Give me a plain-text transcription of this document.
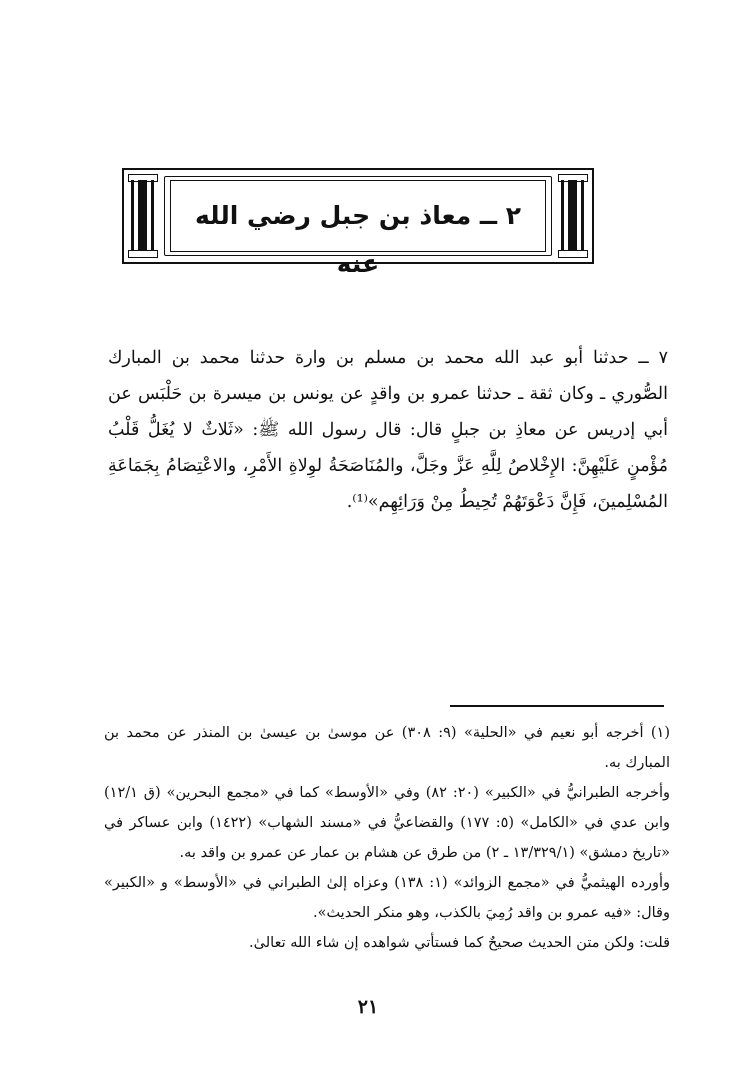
٢ ــ معاذ بن جبل رضي الله عنه
٧ ــ حدثنا أبو عبد الله محمد بن مسلم بن وارة حدثنا محمد بن المبارك الصُّوري ـ وكان ثقة ـ حدثنا عمرو بن واقدٍ عن يونس بن ميسرة بن حَلْبَس عن أبي إدريس عن معاذِ بن جبلٍ قال: قال رسول الله ﷺ: «ثَلاثٌ لا يُغَلُّ قَلْبُ مُؤْمنٍ عَلَيْهِنَّ: الإِخْلاصُ لِلَّهِ عَزَّ وجَلَّ، والمُنَاصَحَةُ لوِلاةِ الأَمْرِ، والاعْتِصَامُ بِجَمَاعَةِ المُسْلِمينَ، فَإِنَّ دَعْوَتَهُمْ تُحِيطُ مِنْ وَرَائِهِم»⁽¹⁾.

(١) أخرجه أبو نعيم في «الحلية» (٩: ٣٠٨) عن موسىٰ بن عيسىٰ بن المنذر عن محمد بن المبارك به.

وأخرجه الطبرانيُّ في «الكبير» (٢٠: ٨٢) وفي «الأوسط» كما في «مجمع البحرين» (ق ١٢/١) وابن عدي في «الكامل» (٥: ١٧٧) والقضاعيُّ في «مسند الشهاب» (١٤٢٢) وابن عساكر في «تاريخ دمشق» (١٣/٣٢٩/١ ـ ٢) من طرق عن هشام بن عمار عن عمرو بن واقد به.

وأورده الهيثميُّ في «مجمع الزوائد» (١: ١٣٨) وعزاه إلىٰ الطبراني في «الأوسط» و «الكبير» وقال: «فيه عمرو بن واقد رُمِيَ بالكذب، وهو منكر الحديث».

قلت: ولكن متن الحديث صحيحٌ كما فستأتي شواهده إن شاء الله تعالىٰ.

٢١
